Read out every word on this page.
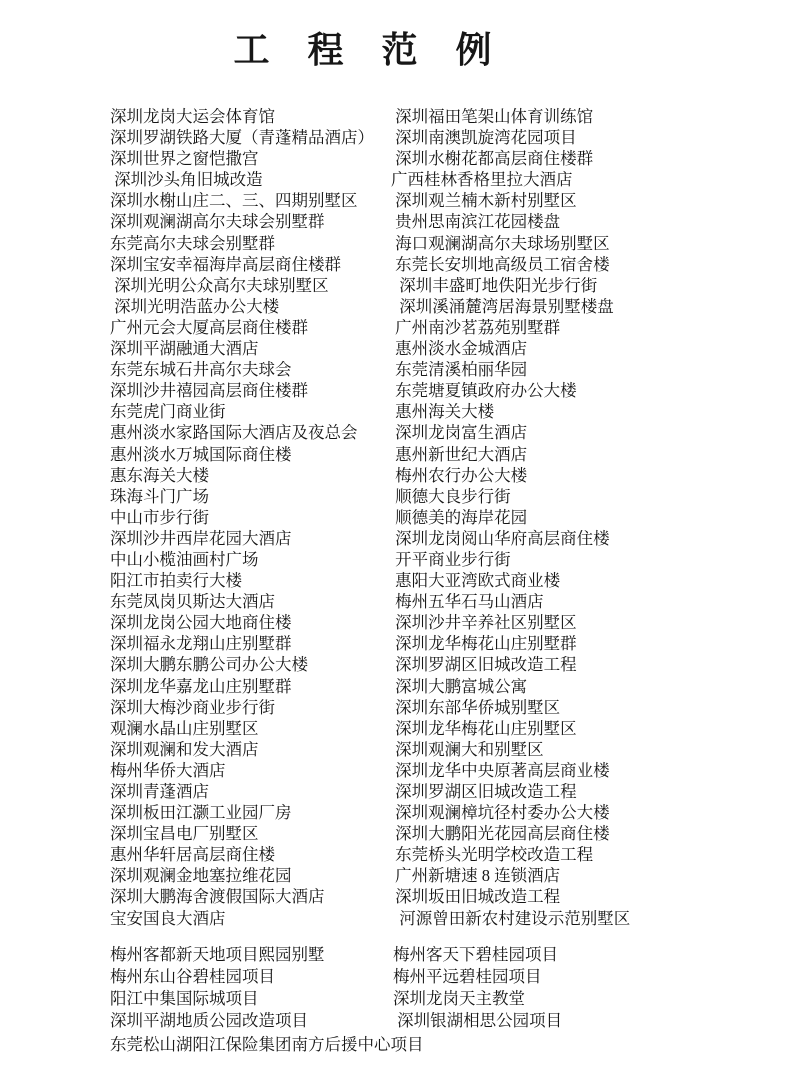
工　程　范　例
深圳龙岗大运会体育馆	深圳福田笔架山体育训练馆
深圳罗湖铁路大厦（青蓬精品酒店）	深圳南澳凯旋湾花园项目
深圳世界之窗恺撒宫	深圳水榭花都高层商住楼群
深圳沙头角旧城改造	广西桂林香格里拉大酒店
深圳水榭山庄二、三、四期别墅区	深圳观兰楠木新村别墅区
深圳观澜湖高尔夫球会别墅群	贵州思南滨江花园楼盘
东莞高尔夫球会别墅群	海口观澜湖高尔夫球场别墅区
深圳宝安幸福海岸高层商住楼群	东莞长安圳地高级员工宿舍楼
深圳光明公众高尔夫球别墅区	深圳丰盛町地佚阳光步行街
深圳光明浩蓝办公大楼	深圳溪涌麓湾居海景别墅楼盘
广州元会大厦高层商住楼群	广州南沙茗荔苑别墅群
深圳平湖融通大酒店	惠州淡水金城酒店
东莞东城石井高尔夫球会	东莞清溪柏丽华园
深圳沙井禧园高层商住楼群	东莞塘夏镇政府办公大楼
东莞虎门商业街	惠州海关大楼
惠州淡水家路国际大酒店及夜总会	深圳龙岗富生酒店
惠州淡水万城国际商住楼	惠州新世纪大酒店
惠东海关大楼	梅州农行办公大楼
珠海斗门广场	顺德大良步行街
中山市步行街	顺德美的海岸花园
深圳沙井西岸花园大酒店	深圳龙岗阅山华府高层商住楼
中山小榄油画村广场	开平商业步行街
阳江市拍卖行大楼	惠阳大亚湾欧式商业楼
东莞凤岗贝斯达大酒店	梅州五华石马山酒店
深圳龙岗公园大地商住楼	深圳沙井辛养社区别墅区
深圳福永龙翔山庄别墅群	深圳龙华梅花山庄别墅群
深圳大鹏东鹏公司办公大楼	深圳罗湖区旧城改造工程
深圳龙华嘉龙山庄别墅群	深圳大鹏富城公寓
深圳大梅沙商业步行街	深圳东部华侨城别墅区
观澜水晶山庄别墅区	深圳龙华梅花山庄别墅区
深圳观澜和发大酒店	深圳观澜大和别墅区
梅州华侨大酒店	深圳龙华中央原著高层商业楼
深圳青蓬酒店	深圳罗湖区旧城改造工程
深圳板田江灏工业园厂房	深圳观澜樟坑径村委办公大楼
深圳宝昌电厂别墅区	深圳大鹏阳光花园高层商住楼
惠州华轩居高层商住楼	东莞桥头光明学校改造工程
深圳观澜金地塞拉维花园	广州新塘速 8 连锁酒店
深圳大鹏海舍渡假国际大酒店	深圳坂田旧城改造工程
宝安国良大酒店	河源曾田新农村建设示范别墅区
梅州客都新天地项目熙园别墅	梅州客天下碧桂园项目
梅州东山谷碧桂园项目	梅州平远碧桂园项目
阳江中集国际城项目	深圳龙岗天主教堂
深圳平湖地质公园改造项目	深圳银湖相思公园项目
东莞松山湖阳江保险集团南方后援中心项目
